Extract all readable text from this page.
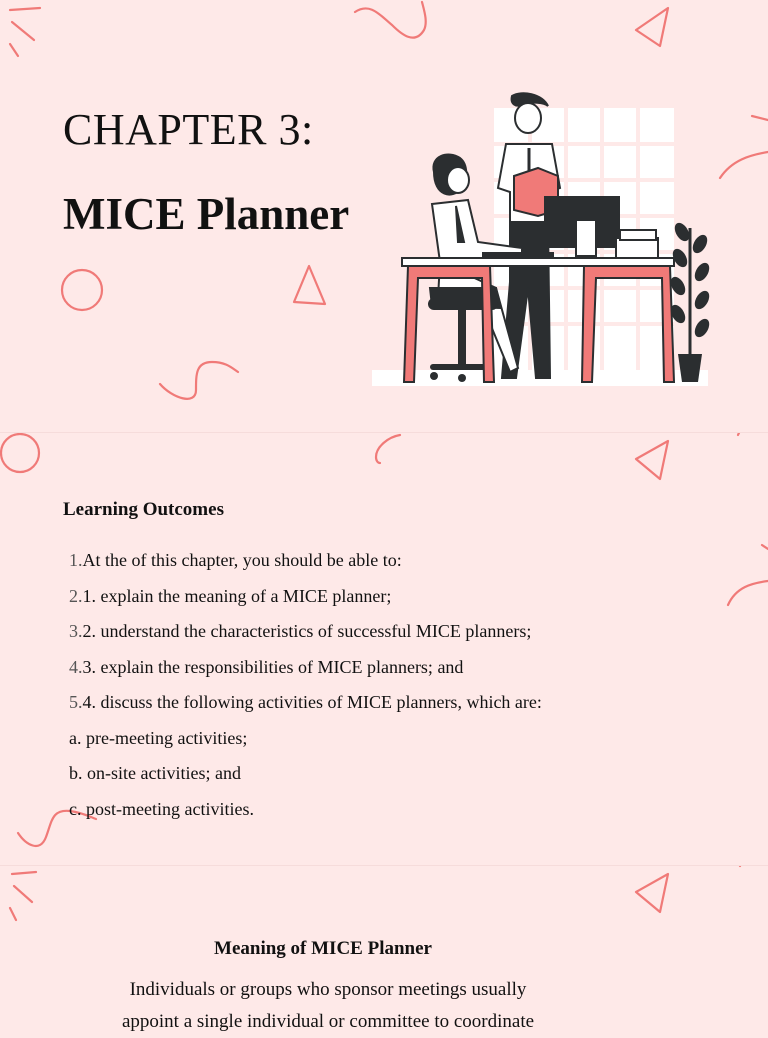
CHAPTER 3:
MICE Planner
Learning Outcomes
1.At the of this chapter, you should be able to:
2.1. explain the meaning of a MICE planner;
3.2. understand the characteristics of successful MICE planners;
4.3. explain the responsibilities of MICE planners; and
5.4. discuss the following activities of MICE planners, which are:
a. pre-meeting activities;
b. on-site activities; and
c. post-meeting activities.
Meaning of MICE Planner

Individuals or groups who sponsor meetings usually
appoint a single individual or committee to coordinate
